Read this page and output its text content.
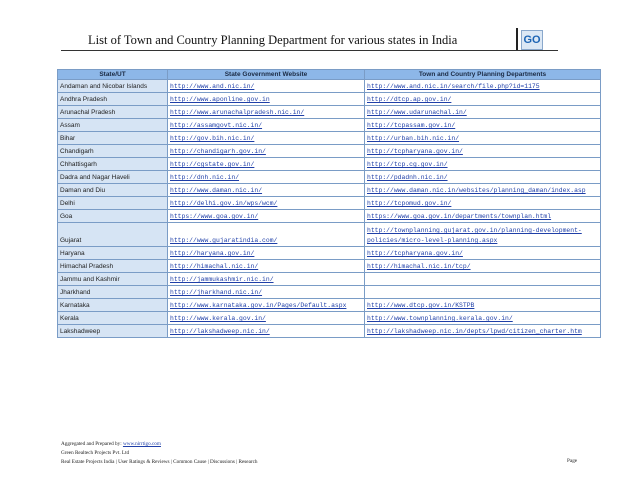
List of Town and Country Planning Department for various states in India	GO
State/UT	State Government Website	Town and Country Planning Departments
Andaman and Nicobar Islands	http://www.and.nic.in/	http://www.and.nic.in/search/file.php?id=1175
Andhra Pradesh	http://www.aponline.gov.in	http://dtcp.ap.gov.in/
Arunachal Pradesh	http://www.arunachalpradesh.nic.in/	http://www.udarunachal.in/
Assam	http://assamgovt.nic.in/	http://tcpassam.gov.in/
Bihar	http://gov.bih.nic.in/	http://urban.bih.nic.in/
Chandigarh	http://chandigarh.gov.in/	http://tcpharyana.gov.in/
Chhattisgarh	http://cgstate.gov.in/	http://tcp.cg.gov.in/
Dadra and Nagar Haveli	http://dnh.nic.in/	http://pdadnh.nic.in/
Daman and Diu	http://www.daman.nic.in/	http://www.daman.nic.in/websites/planning_daman/index.asp
Delhi	http://delhi.gov.in/wps/wcm/	http://tcpomud.gov.in/
Goa	https://www.goa.gov.in/	https://www.goa.gov.in/departments/townplan.html
Gujarat	http://www.gujaratindia.com/	http://townplanning.gujarat.gov.in/planning-development-policies/micro-level-planning.aspx
Haryana	http://haryana.gov.in/	http://tcpharyana.gov.in/
Himachal Pradesh	http://himachal.nic.in/	http://himachal.nic.in/tcp/
Jammu and Kashmir	http://jammukashmir.nic.in/	
Jharkhand	http://jharkhand.nic.in/	
Karnataka	http://www.karnataka.gov.in/Pages/Default.aspx	http://www.dtcp.gov.in/KSTPB
Kerala	http://www.kerala.gov.in/	http://www.townplanning.kerala.gov.in/
Lakshadweep	http://lakshadweep.nic.in/	http://lakshadweep.nic.in/depts/lpwd/citizen_charter.htm
Aggregated and Prepared by: www.nirrtigo.com
Green Realtech Projects Pvt. Ltd
Real Estate Projects India | User Ratings & Reviews | Common Cause | Discussions | Research	Page
